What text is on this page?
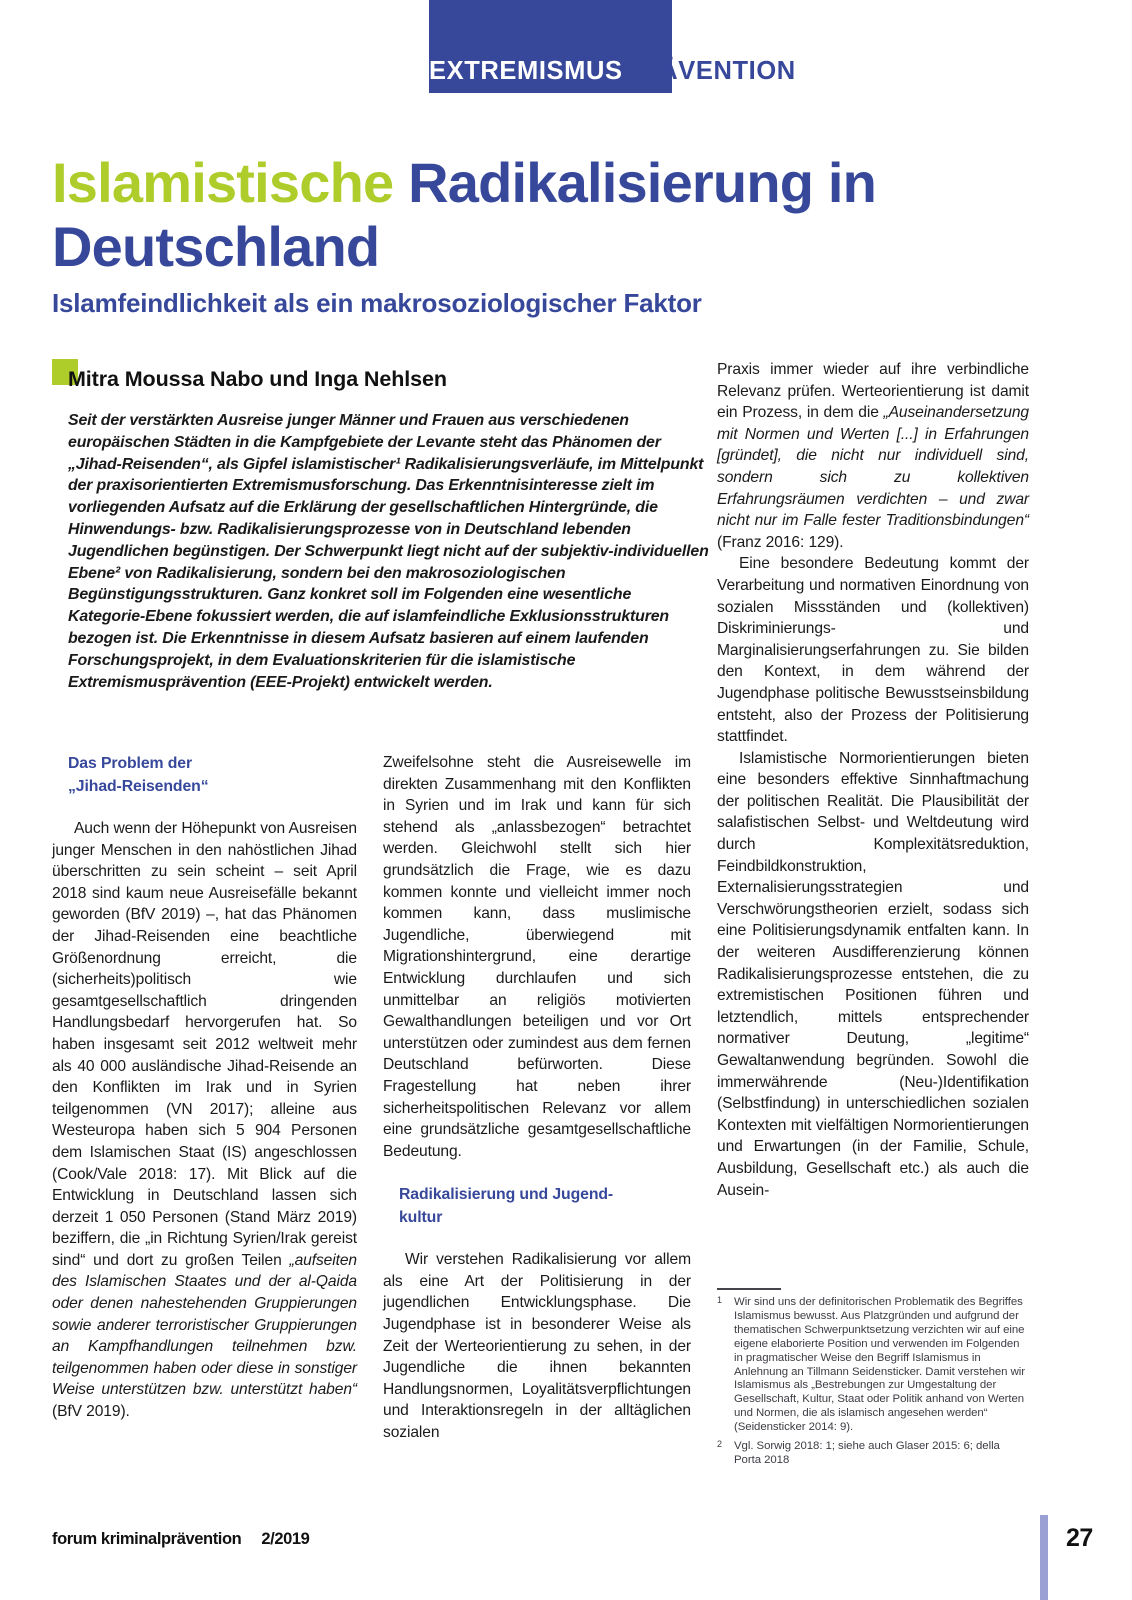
EXTREMISMUSPRÄVENTION
Islamistische Radikalisierung in Deutschland
Islamfeindlichkeit als ein makrosoziologischer Faktor
Mitra Moussa Nabo und Inga Nehlsen
Seit der verstärkten Ausreise junger Männer und Frauen aus verschiedenen europäischen Städten in die Kampfgebiete der Levante steht das Phänomen der „Jihad-Reisenden“, als Gipfel islamistischer¹ Radikalisierungsverläufe, im Mittelpunkt der praxisorientierten Extremismusforschung. Das Erkenntnisinteresse zielt im vorliegenden Aufsatz auf die Erklärung der gesellschaftlichen Hintergründe, die Hinwendungs- bzw. Radikalisierungsprozesse von in Deutschland lebenden Jugendlichen begünstigen. Der Schwerpunkt liegt nicht auf der subjektiv-individuellen Ebene² von Radikalisierung, sondern bei den makrosoziologischen Begünstigungsstrukturen. Ganz konkret soll im Folgenden eine wesentliche Kategorie-Ebene fokussiert werden, die auf islamfeindliche Exklusionsstrukturen bezogen ist. Die Erkenntnisse in diesem Aufsatz basieren auf einem laufenden Forschungsprojekt, in dem Evaluationskriterien für die islamistische Extremismusprävention (EEE-Projekt) entwickelt werden.
Das Problem der
„Jihad-Reisenden“

Auch wenn der Höhepunkt von Ausreisen junger Menschen in den nahöstlichen Jihad überschritten zu sein scheint – seit April 2018 sind kaum neue Ausreisefälle bekannt geworden (BfV 2019) –, hat das Phänomen der Jihad-Reisenden eine beachtliche Größenordnung erreicht, die (sicherheits)politisch wie gesamtgesellschaftlich dringenden Handlungsbedarf hervorgerufen hat. So haben insgesamt seit 2012 weltweit mehr als 40 000 ausländische Jihad-Reisende an den Konflikten im Irak und in Syrien teilgenommen (VN 2017); alleine aus Westeuropa haben sich 5 904 Personen dem Islamischen Staat (IS) angeschlossen (Cook/Vale 2018: 17). Mit Blick auf die Entwicklung in Deutschland lassen sich derzeit 1 050 Personen (Stand März 2019) beziffern, die „in Richtung Syrien/Irak gereist sind“ und dort zu großen Teilen „aufseiten des Islamischen Staates und der al-Qaida oder denen nahestehenden Gruppierungen sowie anderer terroristischer Gruppierungen an Kampfhandlungen teilnehmen bzw. teilgenommen haben oder diese in sonstiger Weise unterstützen bzw. unterstützt haben“ (BfV 2019).

Zweifelsohne steht die Ausreisewelle im direkten Zusammenhang mit den Konflikten in Syrien und im Irak und kann für sich stehend als „anlassbezogen“ betrachtet werden. Gleichwohl stellt sich hier grundsätzlich die Frage, wie es dazu kommen konnte und vielleicht immer noch kommen kann, dass muslimische Jugendliche, überwiegend mit Migrationshintergrund, eine derartige Entwicklung durchlaufen und sich unmittelbar an religiös motivierten Gewalthandlungen beteiligen und vor Ort unterstützen oder zumindest aus dem fernen Deutschland befürworten. Diese Fragestellung hat neben ihrer sicherheitspolitischen Relevanz vor allem eine grundsätzliche gesamtgesellschaftliche Bedeutung.

Radikalisierung und Jugend-
kultur

Wir verstehen Radikalisierung vor allem als eine Art der Politisierung in der jugendlichen Entwicklungsphase. Die Jugendphase ist in besonderer Weise als Zeit der Werteorientierung zu sehen, in der Jugendliche die ihnen bekannten Handlungsnormen, Loyalitätsverpflichtungen und Interaktionsregeln in der alltäglichen sozialen

Praxis immer wieder auf ihre verbindliche Relevanz prüfen. Werteorientierung ist damit ein Prozess, in dem die „Auseinandersetzung mit Normen und Werten [...] in Erfahrungen [gründet], die nicht nur individuell sind, sondern sich zu kollektiven Erfahrungsräumen verdichten – und zwar nicht nur im Falle fester Traditionsbindungen“ (Franz 2016: 129).

Eine besondere Bedeutung kommt der Verarbeitung und normativen Einordnung von sozialen Missständen und (kollektiven) Diskriminierungs- und Marginalisierungserfahrungen zu. Sie bilden den Kontext, in dem während der Jugendphase politische Bewusstseinsbildung entsteht, also der Prozess der Politisierung stattfindet.

Islamistische Normorientierungen bieten eine besonders effektive Sinnhaftmachung der politischen Realität. Die Plausibilität der salafistischen Selbst- und Weltdeutung wird durch Komplexitätsreduktion, Feindbildkonstruktion, Externalisierungsstrategien und Verschwörungstheorien erzielt, sodass sich eine Politisierungsdynamik entfalten kann. In der weiteren Ausdifferenzierung können Radikalisierungsprozesse entstehen, die zu extremistischen Positionen führen und letztendlich, mittels entsprechender normativer Deutung, „legitime“ Gewaltanwendung begründen. Sowohl die immerwährende (Neu-)Identifikation (Selbstfindung) in unterschiedlichen sozialen Kontexten mit vielfältigen Normorientierungen und Erwartungen (in der Familie, Schule, Ausbildung, Gesellschaft etc.) als auch die Ausein-

1 Wir sind uns der definitorischen Problematik des Begriffes Islamismus bewusst. Aus Platzgründen und aufgrund der thematischen Schwerpunktsetzung verzichten wir auf eine eigene elaborierte Position und verwenden im Folgenden in pragmatischer Weise den Begriff Islamismus in Anlehnung an Tillmann Seidensticker. Damit verstehen wir Islamismus als „Bestrebungen zur Umgestaltung der Gesellschaft, Kultur, Staat oder Politik anhand von Werten und Normen, die als islamisch angesehen werden“ (Seidensticker 2014: 9).
2 Vgl. Sorwig 2018: 1; siehe auch Glaser 2015: 6; della Porta 2018
forum kriminalprävention 2/2019	27
